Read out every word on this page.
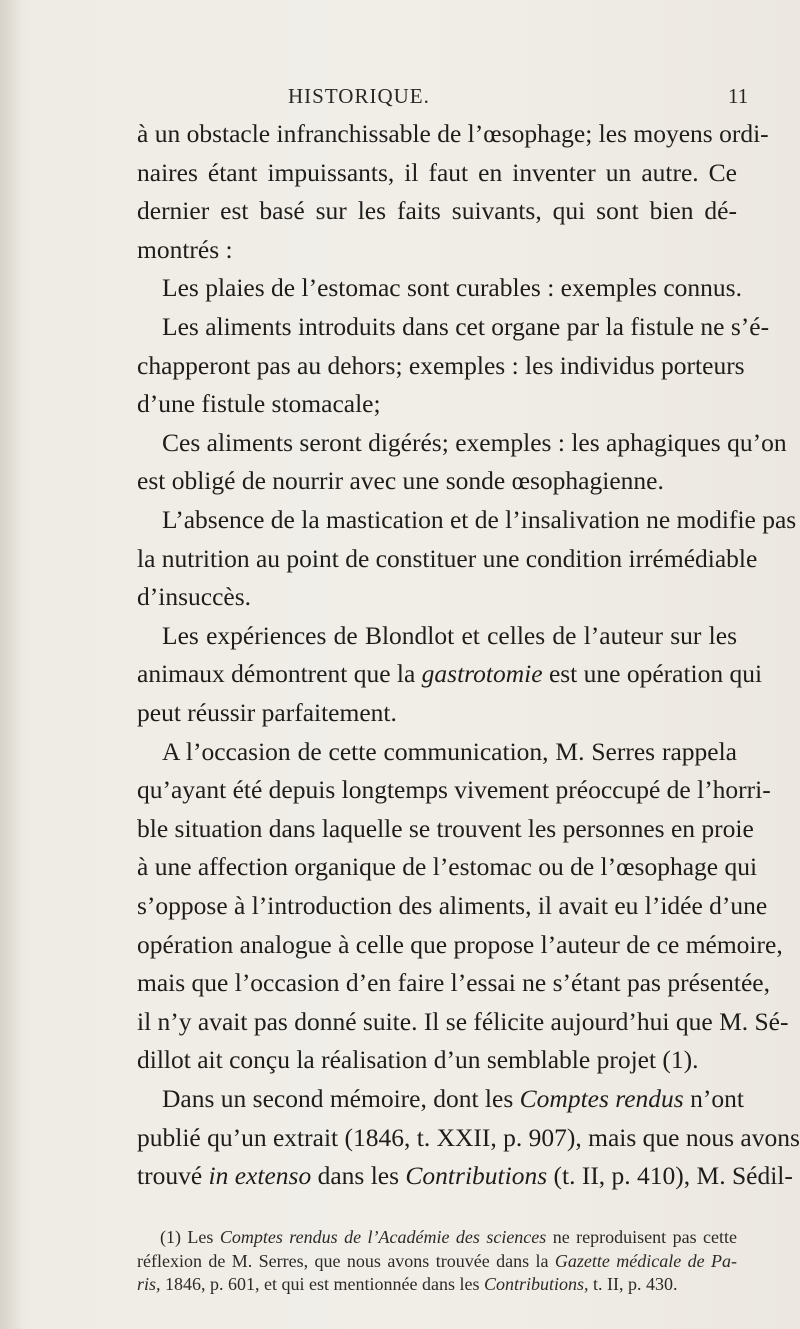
HISTORIQUE.	11
à un obstacle infranchissable de l’œsophage; les moyens ordi-
naires étant impuissants, il faut en inventer un autre. Ce
dernier est basé sur les faits suivants, qui sont bien dé-
montrés :
Les plaies de l’estomac sont curables : exemples connus.
Les aliments introduits dans cet organe par la fistule ne s’é-
chapperont pas au dehors; exemples : les individus porteurs
d’une fistule stomacale;
Ces aliments seront digérés; exemples : les aphagiques qu’on
est obligé de nourrir avec une sonde œsophagienne.
L’absence de la mastication et de l’insalivation ne modifie pas
la nutrition au point de constituer une condition irrémédiable
d’insuccès.
Les expériences de Blondlot et celles de l’auteur sur les
animaux démontrent que la gastrotomie est une opération qui
peut réussir parfaitement.
A l’occasion de cette communication, M. Serres rappela
qu’ayant été depuis longtemps vivement préoccupé de l’horri-
ble situation dans laquelle se trouvent les personnes en proie
à une affection organique de l’estomac ou de l’œsophage qui
s’oppose à l’introduction des aliments, il avait eu l’idée d’une
opération analogue à celle que propose l’auteur de ce mémoire,
mais que l’occasion d’en faire l’essai ne s’étant pas présentée,
il n’y avait pas donné suite. Il se félicite aujourd’hui que M. Sé-
dillot ait conçu la réalisation d’un semblable projet (1).
Dans un second mémoire, dont les Comptes rendus n’ont
publié qu’un extrait (1846, t. XXII, p. 907), mais que nous avons
trouvé in extenso dans les Contributions (t. II, p. 410), M. Sédil-
(1) Les Comptes rendus de l’Académie des sciences ne reproduisent pas cette
réflexion de M. Serres, que nous avons trouvée dans la Gazette médicale de Pa-
ris, 1846, p. 601, et qui est mentionnée dans les Contributions, t. II, p. 430.
